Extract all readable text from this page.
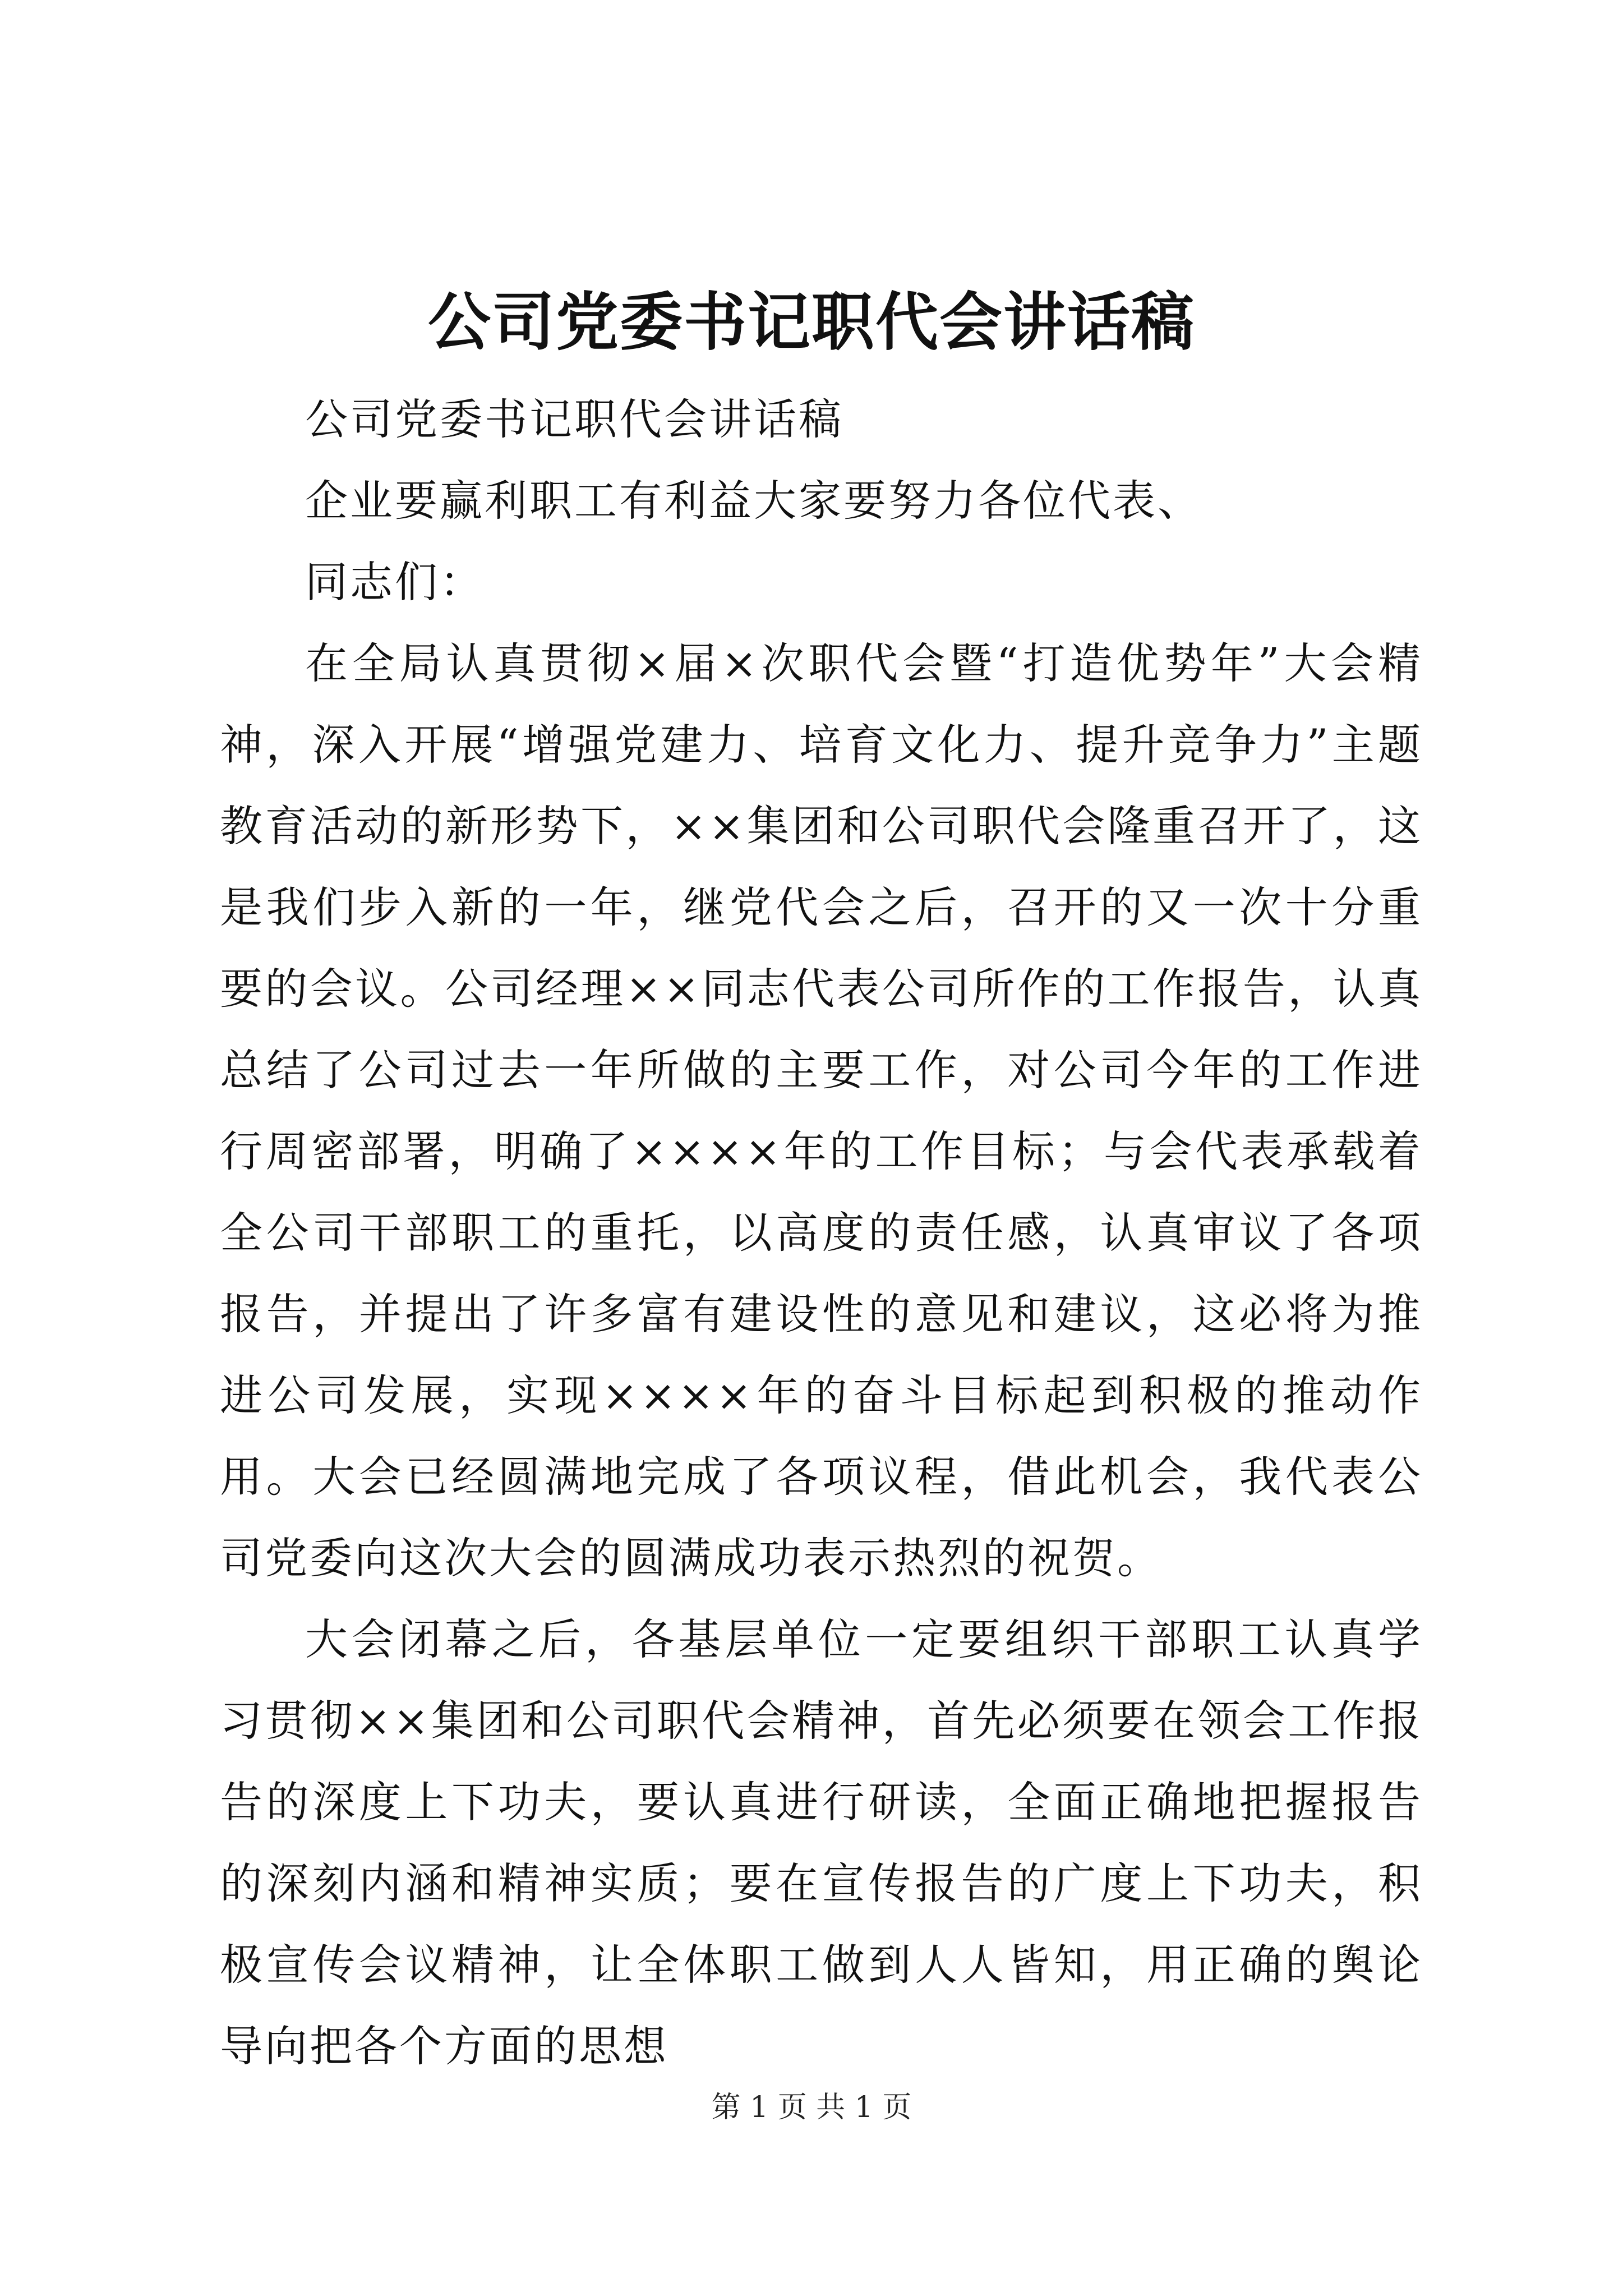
公司党委书记职代会讲话稿

公司党委书记职代会讲话稿

企业要赢利职工有利益大家要努力各位代表、

同志们：

在全局认真贯彻×届×次职代会暨“打造优势年”大会精神，深入开展“增强党建力、培育文化力、提升竞争力”主题教育活动的新形势下，××集团和公司职代会隆重召开了，这是我们步入新的一年，继党代会之后，召开的又一次十分重要的会议。公司经理××同志代表公司所作的工作报告，认真总结了公司过去一年所做的主要工作，对公司今年的工作进行周密部署，明确了××××年的工作目标；与会代表承载着全公司干部职工的重托，以高度的责任感，认真审议了各项报告，并提出了许多富有建设性的意见和建议，这必将为推进公司发展，实现××××年的奋斗目标起到积极的推动作用。大会已经圆满地完成了各项议程，借此机会，我代表公司党委向这次大会的圆满成功表示热烈的祝贺。

大会闭幕之后，各基层单位一定要组织干部职工认真学习贯彻××集团和公司职代会精神，首先必须要在领会工作报告的深度上下功夫，要认真进行研读，全面正确地把握报告的深刻内涵和精神实质；要在宣传报告的广度上下功夫，积极宣传会议精神，让全体职工做到人人皆知，用正确的舆论导向把各个方面的思想

第 1 页 共 1 页
